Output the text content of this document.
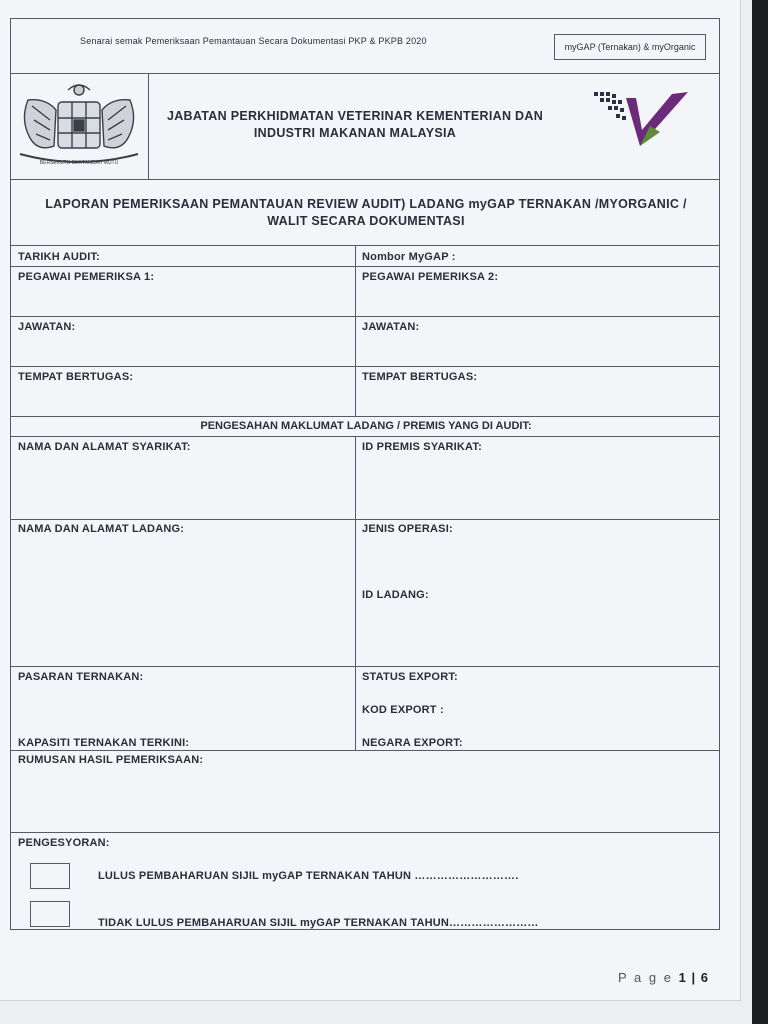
Senarai semak Pemeriksaan Pemantauan Secara Dokumentasi PKP & PKPB 2020
myGAP (Ternakan) & myOrganic
BERSEKUTU BERTAMBAH MUTU
JABATAN PERKHIDMATAN VETERINAR KEMENTERIAN DAN
INDUSTRI MAKANAN MALAYSIA
LAPORAN PEMERIKSAAN PEMANTAUAN REVIEW AUDIT) LADANG myGAP TERNAKAN /MYORGANIC /
WALIT SECARA DOKUMENTASI
TARIKH AUDIT:	Nombor MyGAP :
PEGAWAI PEMERIKSA 1:	PEGAWAI PEMERIKSA 2:
JAWATAN:	JAWATAN:
TEMPAT BERTUGAS:	TEMPAT BERTUGAS:
PENGESAHAN MAKLUMAT LADANG / PREMIS YANG DI AUDIT:
NAMA DAN ALAMAT SYARIKAT:	ID PREMIS SYARIKAT:
NAMA DAN ALAMAT LADANG:	JENIS OPERASI:
ID LADANG:
PASARAN TERNAKAN:	STATUS EXPORT:
KOD EXPORT :
KAPASITI TERNAKAN TERKINI:	NEGARA EXPORT:
RUMUSAN HASIL PEMERIKSAAN:
PENGESYORAN:
LULUS PEMBAHARUAN SIJIL myGAP TERNAKAN TAHUN ……………………….
TIDAK LULUS PEMBAHARUAN SIJIL myGAP TERNAKAN TAHUN……………………
P a g e 1 | 6
